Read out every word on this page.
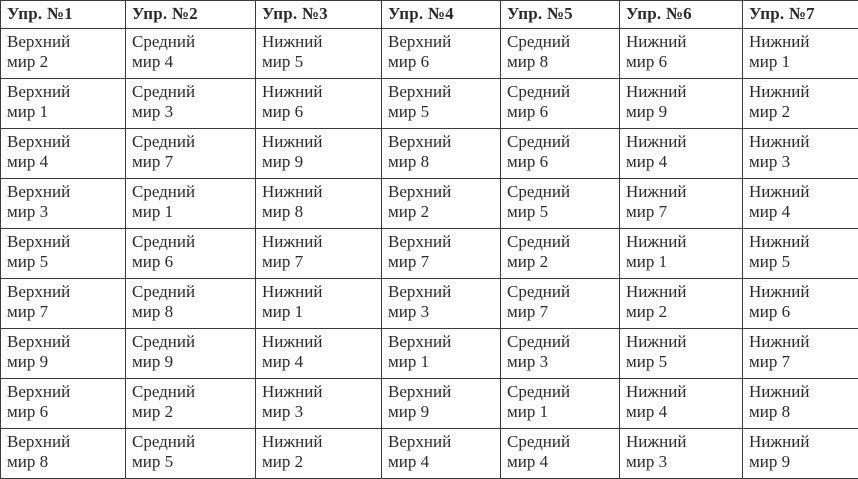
Упр. №1	Упр. №2	Упр. №3	Упр. №4	Упр. №5	Упр. №6	Упр. №7

Верхний
мир 2	Средний
мир 4	Нижний
мир 5	Верхний
мир 6	Средний
мир 8	Нижний
мир 6	Нижний
мир 1

Верхний
мир 1	Средний
мир 3	Нижний
мир 6	Верхний
мир 5	Средний
мир 6	Нижний
мир 9	Нижний
мир 2

Верхний
мир 4	Средний
мир 7	Нижний
мир 9	Верхний
мир 8	Средний
мир 6	Нижний
мир 4	Нижний
мир 3

Верхний
мир 3	Средний
мир 1	Нижний
мир 8	Верхний
мир 2	Средний
мир 5	Нижний
мир 7	Нижний
мир 4

Верхний
мир 5	Средний
мир 6	Нижний
мир 7	Верхний
мир 7	Средний
мир 2	Нижний
мир 1	Нижний
мир 5

Верхний
мир 7	Средний
мир 8	Нижний
мир 1	Верхний
мир 3	Средний
мир 7	Нижний
мир 2	Нижний
мир 6

Верхний
мир 9	Средний
мир 9	Нижний
мир 4	Верхний
мир 1	Средний
мир 3	Нижний
мир 5	Нижний
мир 7

Верхний
мир 6	Средний
мир 2	Нижний
мир 3	Верхний
мир 9	Средний
мир 1	Нижний
мир 4	Нижний
мир 8

Верхний
мир 8	Средний
мир 5	Нижний
мир 2	Верхний
мир 4	Средний
мир 4	Нижний
мир 3	Нижний
мир 9
